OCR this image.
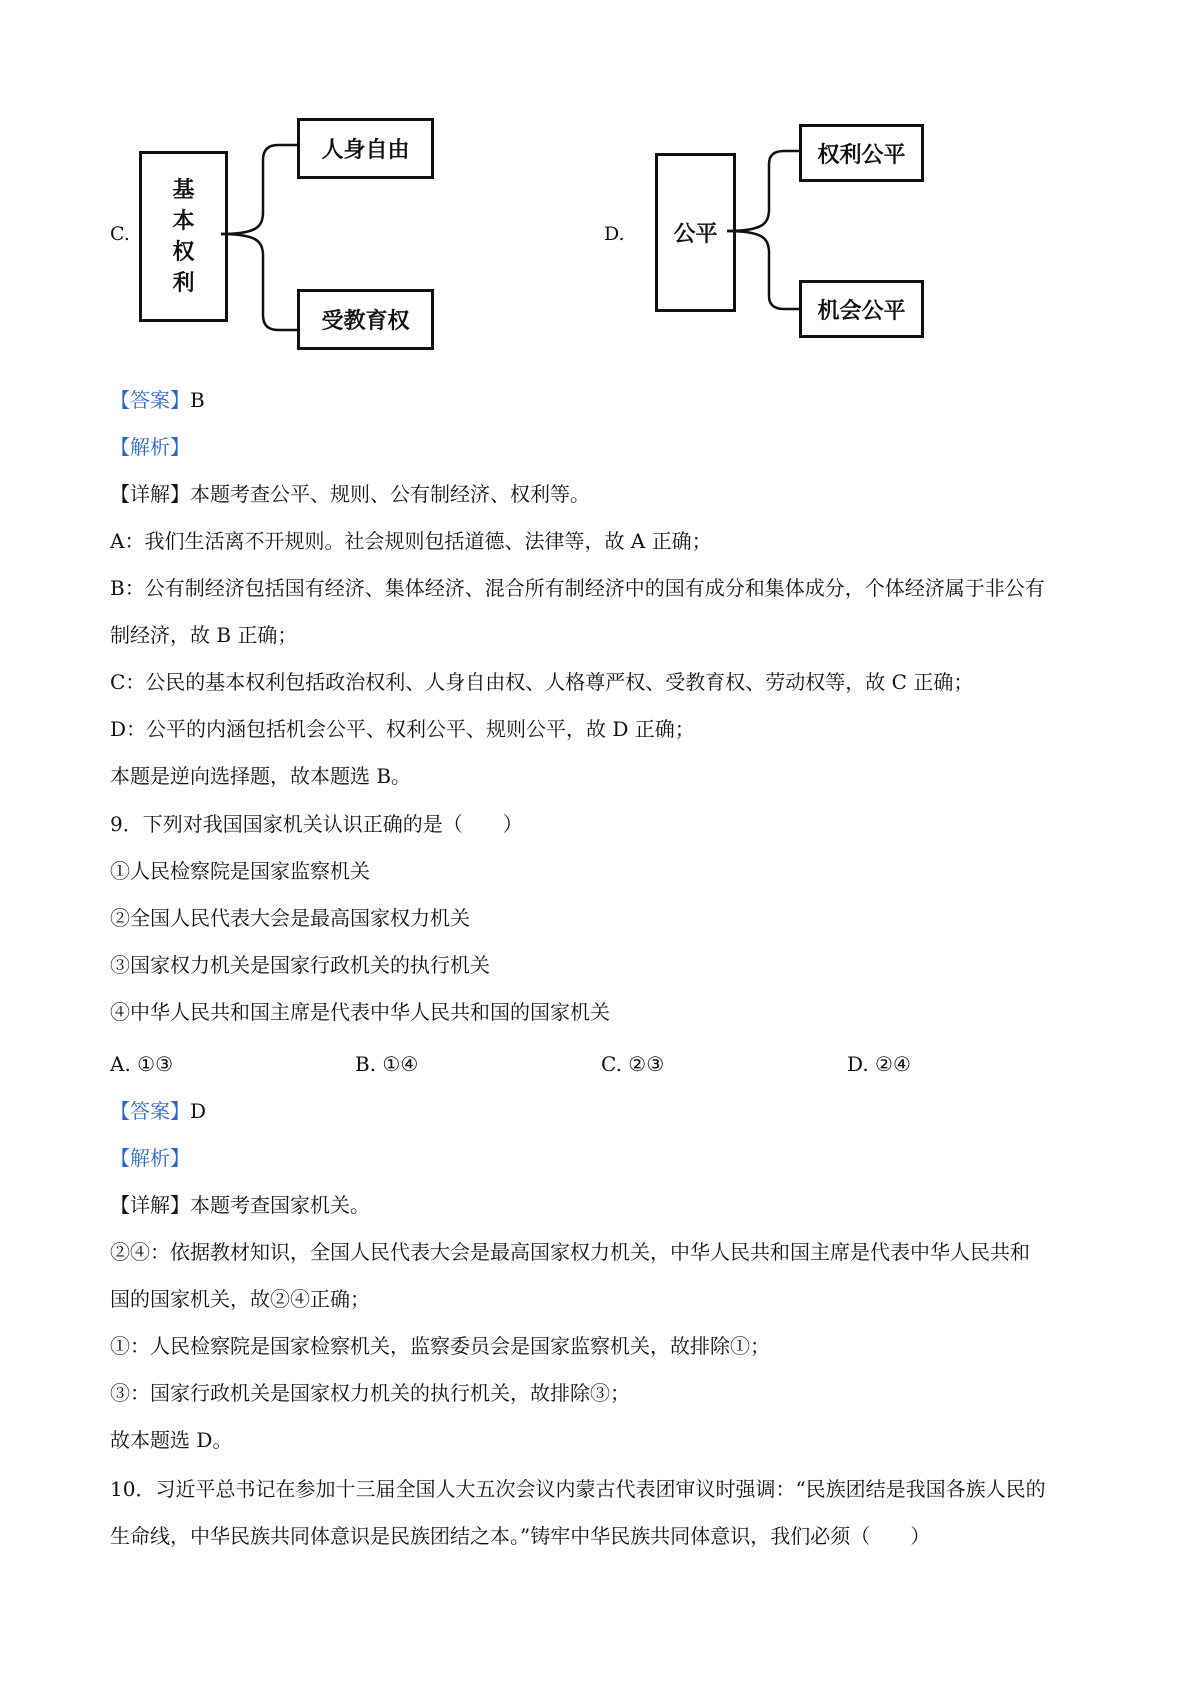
C.
基
本
权
利
人身自由
受教育权
D.	公平
权利公平
机会公平
【答案】B
【解析】
【详解】本题考查公平、规则、公有制经济、权利等。
A：我们生活离不开规则。社会规则包括道德、法律等，故 A 正确；
B：公有制经济包括国有经济、集体经济、混合所有制经济中的国有成分和集体成分，个体经济属于非公有
制经济，故 B 正确；
C：公民的基本权利包括政治权利、人身自由权、人格尊严权、受教育权、劳动权等，故 C 正确；
D：公平的内涵包括机会公平、权利公平、规则公平，故 D 正确；
本题是逆向选择题，故本题选 B。
9．下列对我国国家机关认识正确的是（　　）
①人民检察院是国家监察机关
②全国人民代表大会是最高国家权力机关
③国家权力机关是国家行政机关的执行机关
④中华人民共和国主席是代表中华人民共和国的国家机关
A. ①③	B. ①④	C. ②③	D. ②④
【答案】D
【解析】
【详解】本题考查国家机关。
②④：依据教材知识，全国人民代表大会是最高国家权力机关，中华人民共和国主席是代表中华人民共和
国的国家机关，故②④正确；
①：人民检察院是国家检察机关，监察委员会是国家监察机关，故排除①；
③：国家行政机关是国家权力机关的执行机关，故排除③；
故本题选 D。
10．习近平总书记在参加十三届全国人大五次会议内蒙古代表团审议时强调：“民族团结是我国各族人民的
生命线，中华民族共同体意识是民族团结之本。”铸牢中华民族共同体意识，我们必须（　　）
